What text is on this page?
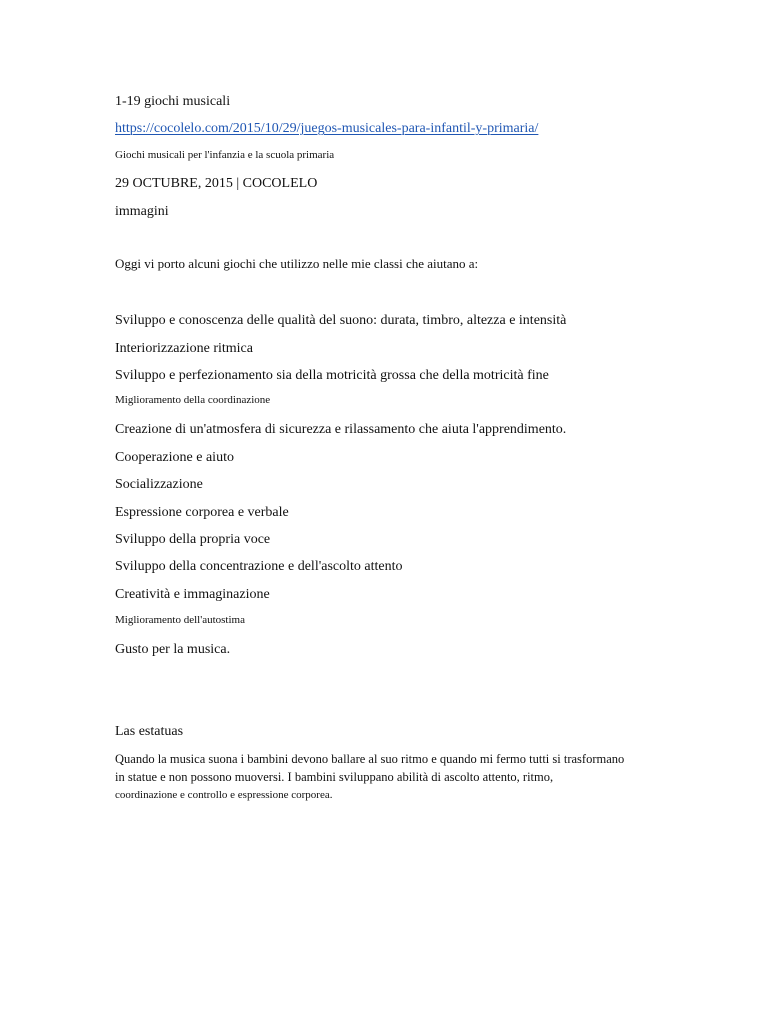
1-19 giochi musicali
https://cocolelo.com/2015/10/29/juegos-musicales-para-infantil-y-primaria/
Giochi musicali per l'infanzia e la scuola primaria
29 OCTUBRE, 2015 | COCOLELO
immagini
Oggi vi porto alcuni giochi che utilizzo nelle mie classi che aiutano a:
Sviluppo e conoscenza delle qualità del suono: durata, timbro, altezza e intensità
Interiorizzazione ritmica
Sviluppo e perfezionamento sia della motricità grossa che della motricità fine
Miglioramento della coordinazione
Creazione di un'atmosfera di sicurezza e rilassamento che aiuta l'apprendimento.
Cooperazione e aiuto
Socializzazione
Espressione corporea e verbale
Sviluppo della propria voce
Sviluppo della concentrazione e dell'ascolto attento
Creatività e immaginazione
Miglioramento dell'autostima
Gusto per la musica.
Las estatuas
Quando la musica suona i bambini devono ballare al suo ritmo e quando mi fermo tutti si trasformano
in statue e non possono muoversi. I bambini sviluppano abilità di ascolto attento, ritmo,
coordinazione e controllo e espressione corporea.
